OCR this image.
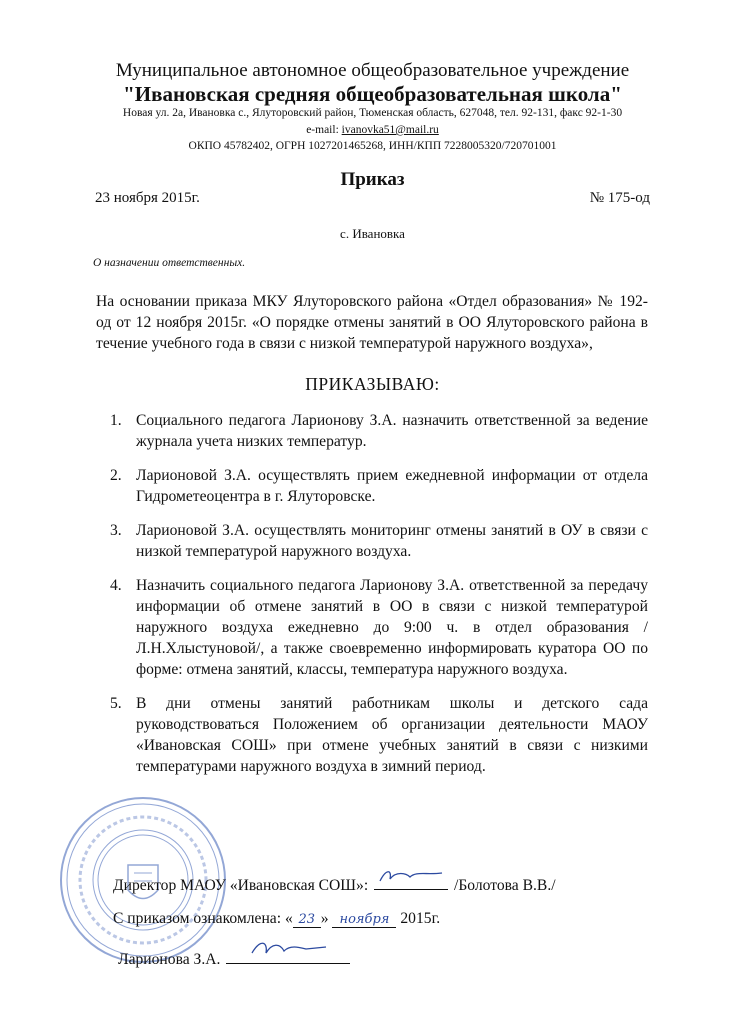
Муниципальное автономное общеобразовательное учреждение
"Ивановская средняя общеобразовательная школа"
Новая ул. 2а, Ивановка с., Ялуторовский район, Тюменская область, 627048, тел. 92-131, факс 92-1-30
e-mail: ivanovka51@mail.ru
ОКПО 45782402, ОГРН 1027201465268, ИНН/КПП 7228005320/720701001
Приказ
23 ноября 2015г.	№ 175-од
с. Ивановка
О назначении ответственных.
На основании приказа МКУ Ялуторовского района «Отдел образования» № 192-од от 12 ноября 2015г. «О порядке отмены занятий в ОО Ялуторовского района в течение учебного года в связи с низкой температурой наружного воздуха»,
ПРИКАЗЫВАЮ:
1. Социального педагога Ларионову З.А. назначить ответственной за ведение журнала учета низких температур.
2. Ларионовой З.А. осуществлять прием ежедневной информации от отдела Гидрометеоцентра в г. Ялуторовске.
3. Ларионовой З.А. осуществлять мониторинг отмены занятий в ОУ в связи с низкой температурой наружного воздуха.
4. Назначить социального педагога Ларионову З.А. ответственной за передачу информации об отмене занятий в ОО в связи с низкой температурой наружного воздуха ежедневно до 9:00 ч. в отдел образования /Л.Н.Хлыстуновой/, а также своевременно информировать куратора ОО по форме: отмена занятий, классы, температура наружного воздуха.
5. В дни отмены занятий работникам школы и детского сада руководствоваться Положением об организации деятельности МАОУ «Ивановская СОШ» при отмене учебных занятий в связи с низкими температурами наружного воздуха в зимний период.
Директор МАОУ «Ивановская СОШ»:	/Болотова В.В./
С приказом ознакомлена: « 23 » ноября 2015г.
Ларионова З.А.
